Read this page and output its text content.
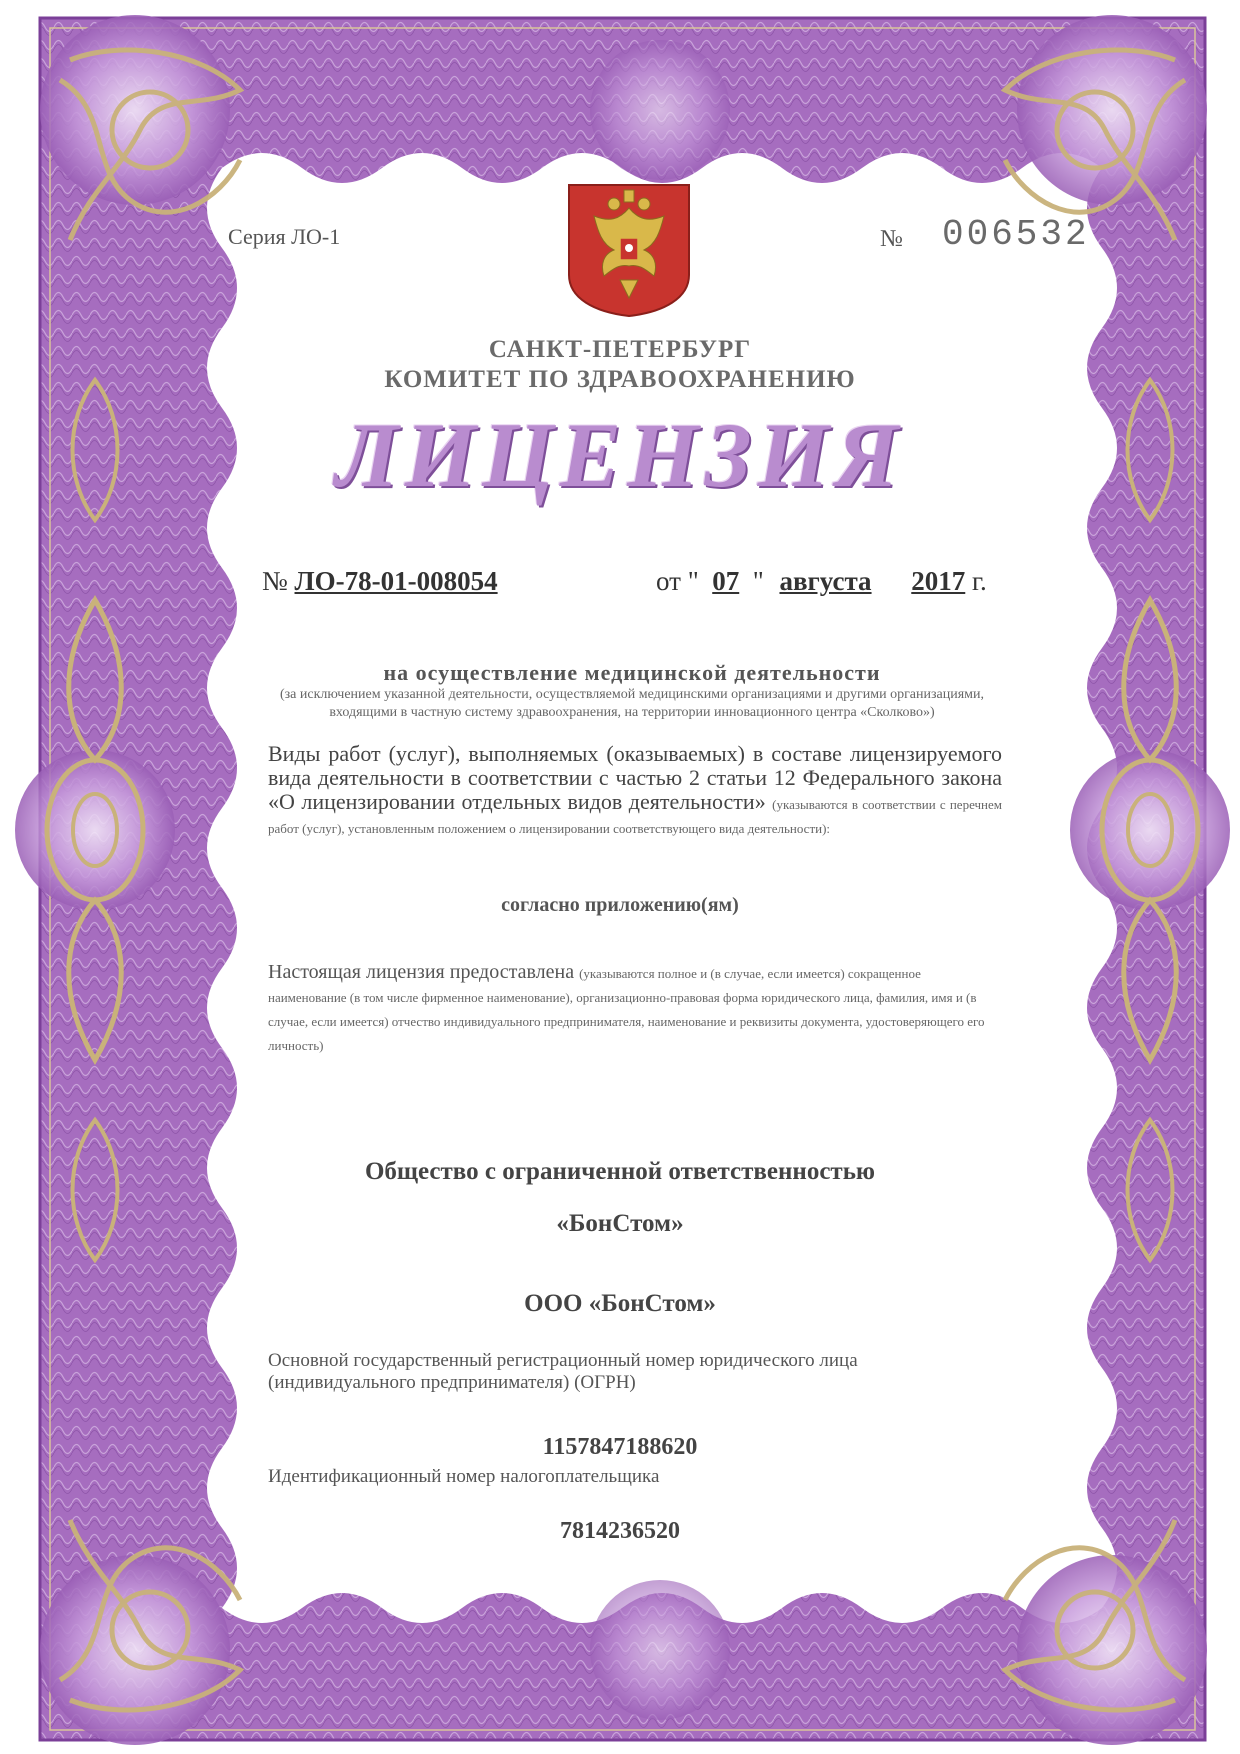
Серия ЛО-1	№ 006532
САНКТ-ПЕТЕРБУРГ
КОМИТЕТ ПО ЗДРАВООХРАНЕНИЮ
ЛИЦЕНЗИЯ
№ ЛО-78-01-008054	от " 07 " августа 2017 г.
на осуществление медицинской деятельности
(за исключением указанной деятельности, осуществляемой медицинскими организациями и другими организациями, входящими в частную систему здравоохранения, на территории инновационного центра «Сколково»)
Виды работ (услуг), выполняемых (оказываемых) в составе лицензируемого вида деятельности в соответствии с частью 2 статьи 12 Федерального закона «О лицензировании отдельных видов деятельности» (указываются в соответствии с перечнем работ (услуг), установленным положением о лицензировании соответствующего вида деятельности):
согласно приложению(ям)
Настоящая лицензия предоставлена (указываются полное и (в случае, если имеется) сокращенное наименование (в том числе фирменное наименование), организационно-правовая форма юридического лица, фамилия, имя и (в случае, если имеется) отчество индивидуального предпринимателя, наименование и реквизиты документа, удостоверяющего его личность)
Общество с ограниченной ответственностью
«БонСтом»
ООО «БонСтом»
Основной государственный регистрационный номер юридического лица (индивидуального предпринимателя) (ОГРН)
1157847188620
Идентификационный номер налогоплательщика
7814236520
